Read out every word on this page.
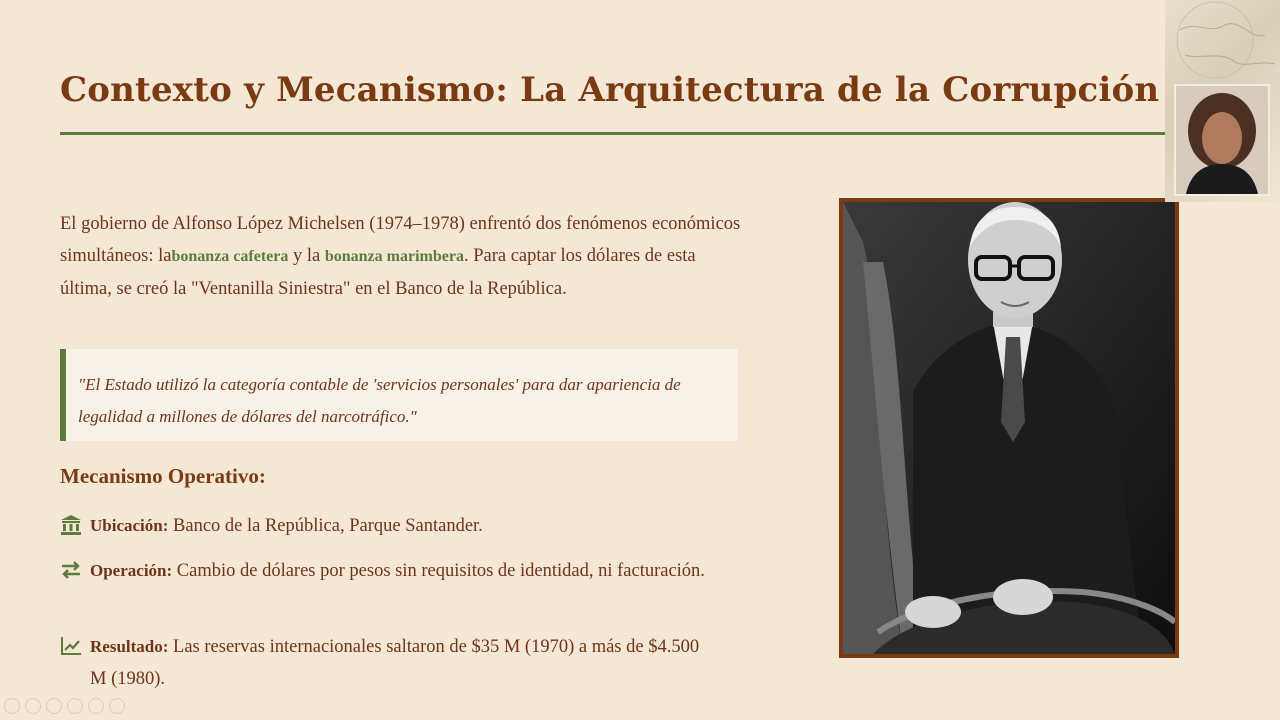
Contexto y Mecanismo: La Arquitectura de la Corrupción
El gobierno de Alfonso López Michelsen (1974–1978) enfrentó dos fenómenos económicos simultáneos: labonanza cafetera y la bonanza marimbera. Para captar los dólares de esta última, se creó la "Ventanilla Siniestra" en el Banco de la República.
"El Estado utilizó la categoría contable de 'servicios personales' para dar apariencia de legalidad a millones de dólares del narcotráfico."
Mecanismo Operativo:
Ubicación: Banco de la República, Parque Santander.
Operación: Cambio de dólares por pesos sin requisitos de identidad, ni facturación.
Resultado: Las reservas internacionales saltaron de $35 M (1970) a más de $4.500 M (1980).
